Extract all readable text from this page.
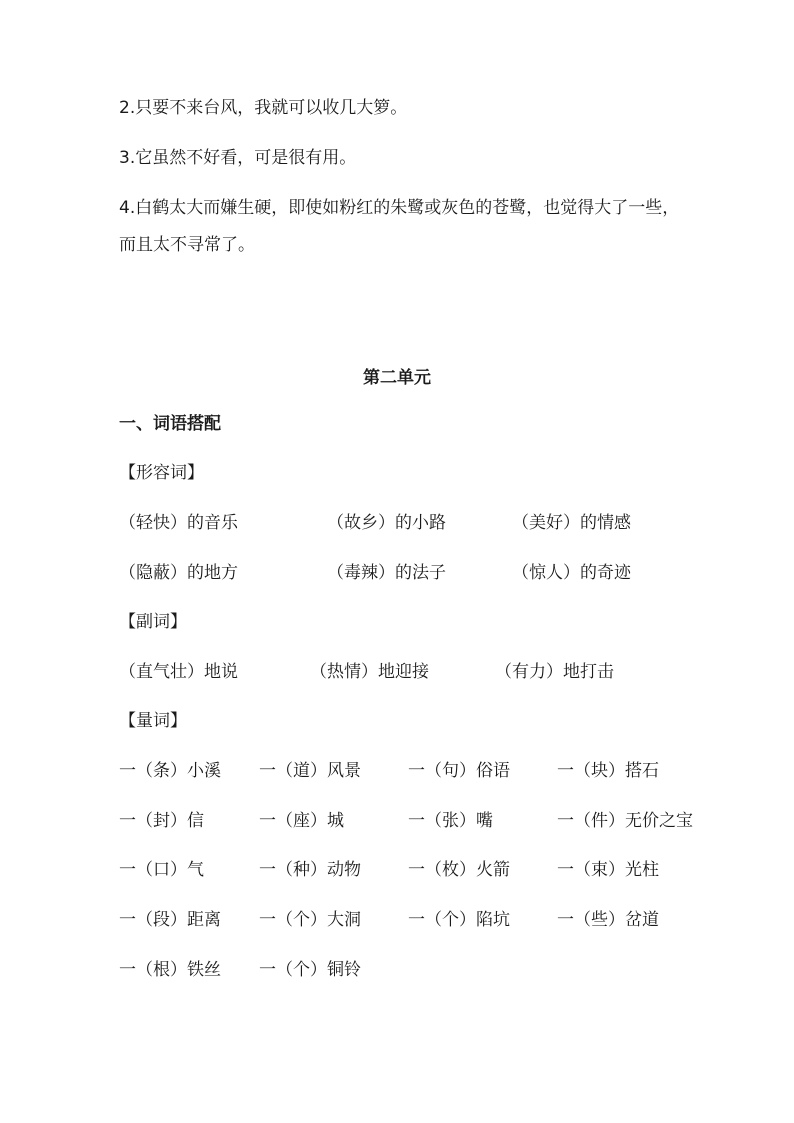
2.只要不来台风，我就可以收几大箩。
3.它虽然不好看，可是很有用。
4.白鹤太大而嫌生硬，即使如粉红的朱鹭或灰色的苍鹭，也觉得大了一些，
而且太不寻常了。
第二单元
一、词语搭配
【形容词】
（轻快）的音乐	（故乡）的小路	（美好）的情感
（隐蔽）的地方	（毒辣）的法子	（惊人）的奇迹
【副词】
（直气壮）地说	（热情）地迎接	（有力）地打击
【量词】
一（条）小溪 一（道）风景	一（句）俗语	一（块）搭石
一（封）信	一（座）城	一（张）嘴	一（件）无价之宝
一（口）气	一（种）动物	一（枚）火箭	一（束）光柱
一（段）距离 一（个）大洞	一（个）陷坑	一（些）岔道
一（根）铁丝 一（个）铜铃
